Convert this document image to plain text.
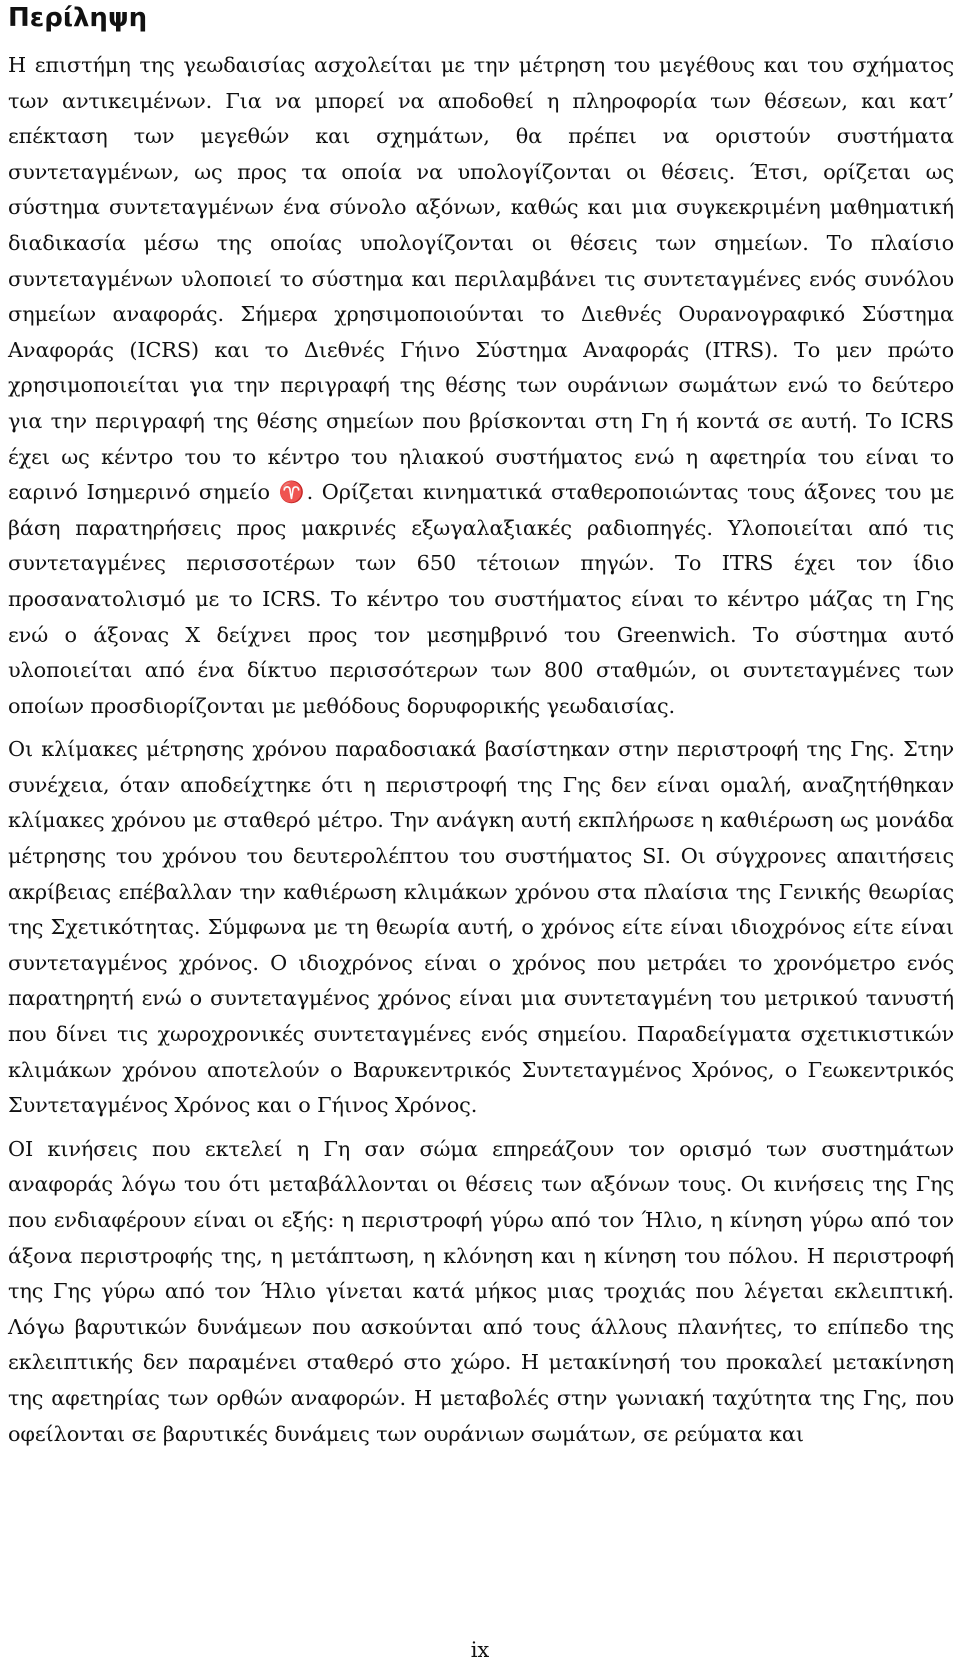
Περίληψη

Η επιστήμη της γεωδαισίας ασχολείται με την μέτρηση του μεγέθους και του σχήματος των αντικειμένων. Για να μπορεί να αποδοθεί η πληροφορία των θέσεων, και κατ’ επέκταση των μεγεθών και σχημάτων, θα πρέπει να οριστούν συστήματα συντεταγμένων, ως προς τα οποία να υπολογίζονται οι θέσεις. Έτσι, ορίζεται ως σύστημα συντεταγμένων ένα σύνολο αξόνων, καθώς και μια συγκεκριμένη μαθηματική διαδικασία μέσω της οποίας υπολογίζονται οι θέσεις των σημείων. Το πλαίσιο συντεταγμένων υλοποιεί το σύστημα και περιλαμβάνει τις συντεταγμένες ενός συνόλου σημείων αναφοράς. Σήμερα χρησιμοποιούνται το Διεθνές Ουρανογραφικό Σύστημα Αναφοράς (ICRS) και το Διεθνές Γήινο Σύστημα Αναφοράς (ITRS). Το μεν πρώτο χρησιμοποιείται για την περιγραφή της θέσης των ουράνιων σωμάτων ενώ το δεύτερο για την περιγραφή της θέσης σημείων που βρίσκονται στη Γη ή κοντά σε αυτή. Το ICRS έχει ως κέντρο του το κέντρο του ηλιακού συστήματος ενώ η αφετηρία του είναι το εαρινό Ισημερινό σημείο ♈. Ορίζεται κινηματικά σταθεροποιώντας τους άξονες του με βάση παρατηρήσεις προς μακρινές εξωγαλαξιακές ραδιοπηγές. Υλοποιείται από τις συντεταγμένες περισσοτέρων των 650 τέτοιων πηγών. Το ITRS έχει τον ίδιο προσανατολισμό με το ICRS. Το κέντρο του συστήματος είναι το κέντρο μάζας τη Γης ενώ ο άξονας X δείχνει προς τον μεσημβρινό του Greenwich. Το σύστημα αυτό υλοποιείται από ένα δίκτυο περισσότερων των 800 σταθμών, οι συντεταγμένες των οποίων προσδιορίζονται με μεθόδους δορυφορικής γεωδαισίας.

Οι κλίμακες μέτρησης χρόνου παραδοσιακά βασίστηκαν στην περιστροφή της Γης. Στην συνέχεια, όταν αποδείχτηκε ότι η περιστροφή της Γης δεν είναι ομαλή, αναζητήθηκαν κλίμακες χρόνου με σταθερό μέτρο. Την ανάγκη αυτή εκπλήρωσε η καθιέρωση ως μονάδα μέτρησης του χρόνου του δευτερολέπτου του συστήματος SI. Οι σύγχρονες απαιτήσεις ακρίβειας επέβαλλαν την καθιέρωση κλιμάκων χρόνου στα πλαίσια της Γενικής θεωρίας της Σχετικότητας. Σύμφωνα με τη θεωρία αυτή, ο χρόνος είτε είναι ιδιοχρόνος είτε είναι συντεταγμένος χρόνος. Ο ιδιοχρόνος είναι ο χρόνος που μετράει το χρονόμετρο ενός παρατηρητή ενώ ο συντεταγμένος χρόνος είναι μια συντεταγμένη του μετρικού τανυστή που δίνει τις χωροχρονικές συντεταγμένες ενός σημείου. Παραδείγματα σχετικιστικών κλιμάκων χρόνου αποτελούν ο Βαρυκεντρικός Συντεταγμένος Χρόνος, ο Γεωκεντρικός Συντεταγμένος Χρόνος και ο Γήινος Χρόνος.

ΟΙ κινήσεις που εκτελεί η Γη σαν σώμα επηρεάζουν τον ορισμό των συστημάτων αναφοράς λόγω του ότι μεταβάλλονται οι θέσεις των αξόνων τους. Οι κινήσεις της Γης που ενδιαφέρουν είναι οι εξής: η περιστροφή γύρω από τον Ήλιο, η κίνηση γύρω από τον άξονα περιστροφής της, η μετάπτωση, η κλόνηση και η κίνηση του πόλου. Η περιστροφή της Γης γύρω από τον Ήλιο γίνεται κατά μήκος μιας τροχιάς που λέγεται εκλειπτική. Λόγω βαρυτικών δυνάμεων που ασκούνται από τους άλλους πλανήτες, το επίπεδο της εκλειπτικής δεν παραμένει σταθερό στο χώρο. Η μετακίνησή του προκαλεί μετακίνηση της αφετηρίας των ορθών αναφορών. Η μεταβολές στην γωνιακή ταχύτητα της Γης, που οφείλονται σε βαρυτικές δυνάμεις των ουράνιων σωμάτων, σε ρεύματα και

ix
